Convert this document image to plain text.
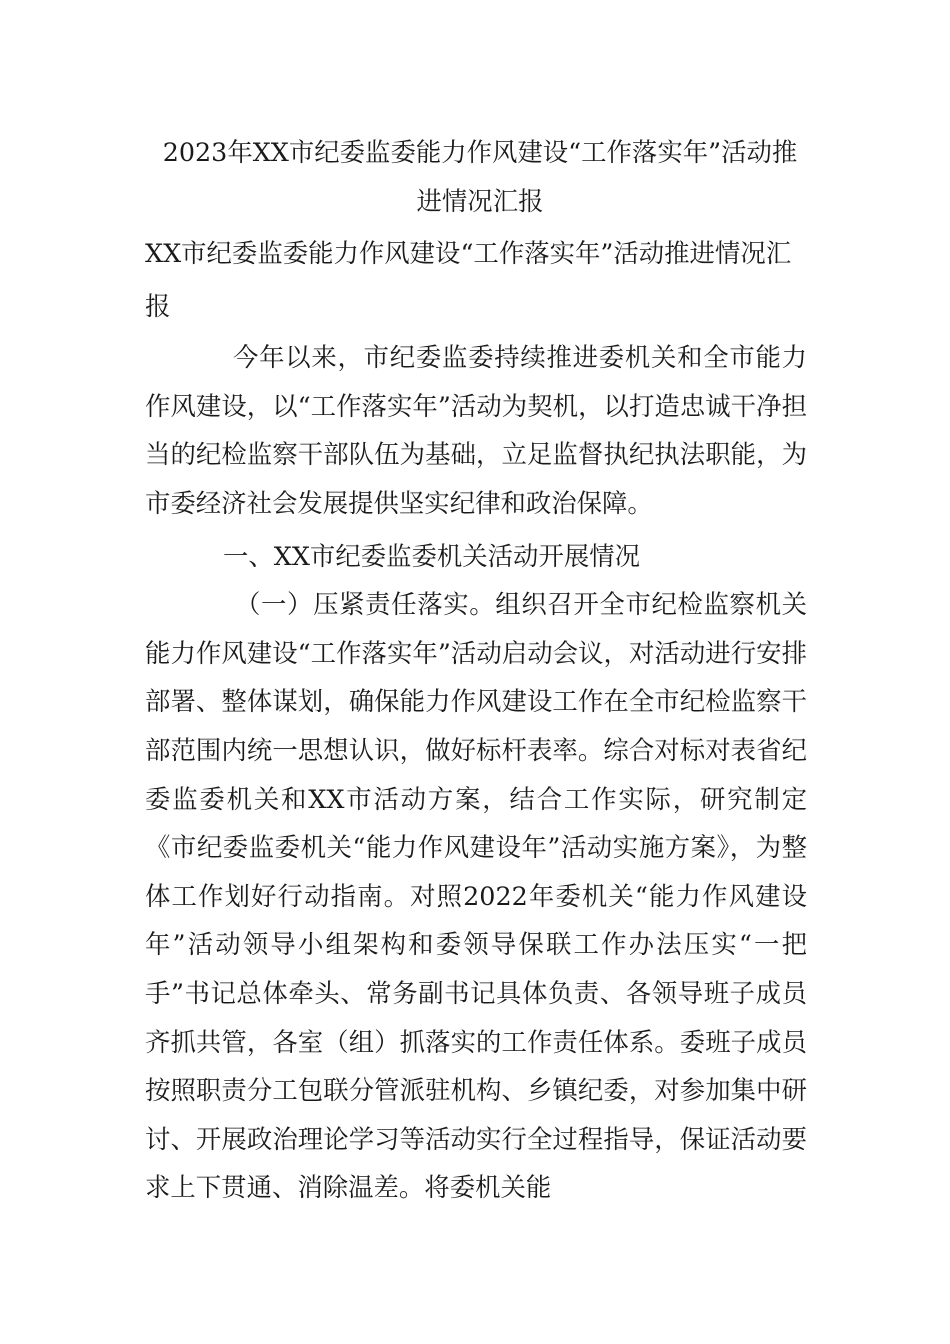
2023年XX市纪委监委能力作风建设“工作落实年”活动推进情况汇报
XX市纪委监委能力作风建设“工作落实年”活动推进情况汇报

今年以来，市纪委监委持续推进委机关和全市能力作风建设，以“工作落实年”活动为契机，以打造忠诚干净担当的纪检监察干部队伍为基础，立足监督执纪执法职能，为市委经济社会发展提供坚实纪律和政治保障。

一、XX市纪委监委机关活动开展情况

（一）压紧责任落实。组织召开全市纪检监察机关能力作风建设“工作落实年”活动启动会议，对活动进行安排部署、整体谋划，确保能力作风建设工作在全市纪检监察干部范围内统一思想认识，做好标杆表率。综合对标对表省纪委监委机关和XX市活动方案，结合工作实际，研究制定《市纪委监委机关“能力作风建设年”活动实施方案》，为整体工作划好行动指南。对照2022年委机关“能力作风建设年”活动领导小组架构和委领导保联工作办法压实“一把手”书记总体牵头、常务副书记具体负责、各领导班子成员齐抓共管，各室（组）抓落实的工作责任体系。委班子成员按照职责分工包联分管派驻机构、乡镇纪委，对参加集中研讨、开展政治理论学习等活动实行全过程指导，保证活动要求上下贯通、消除温差。将委机关能
